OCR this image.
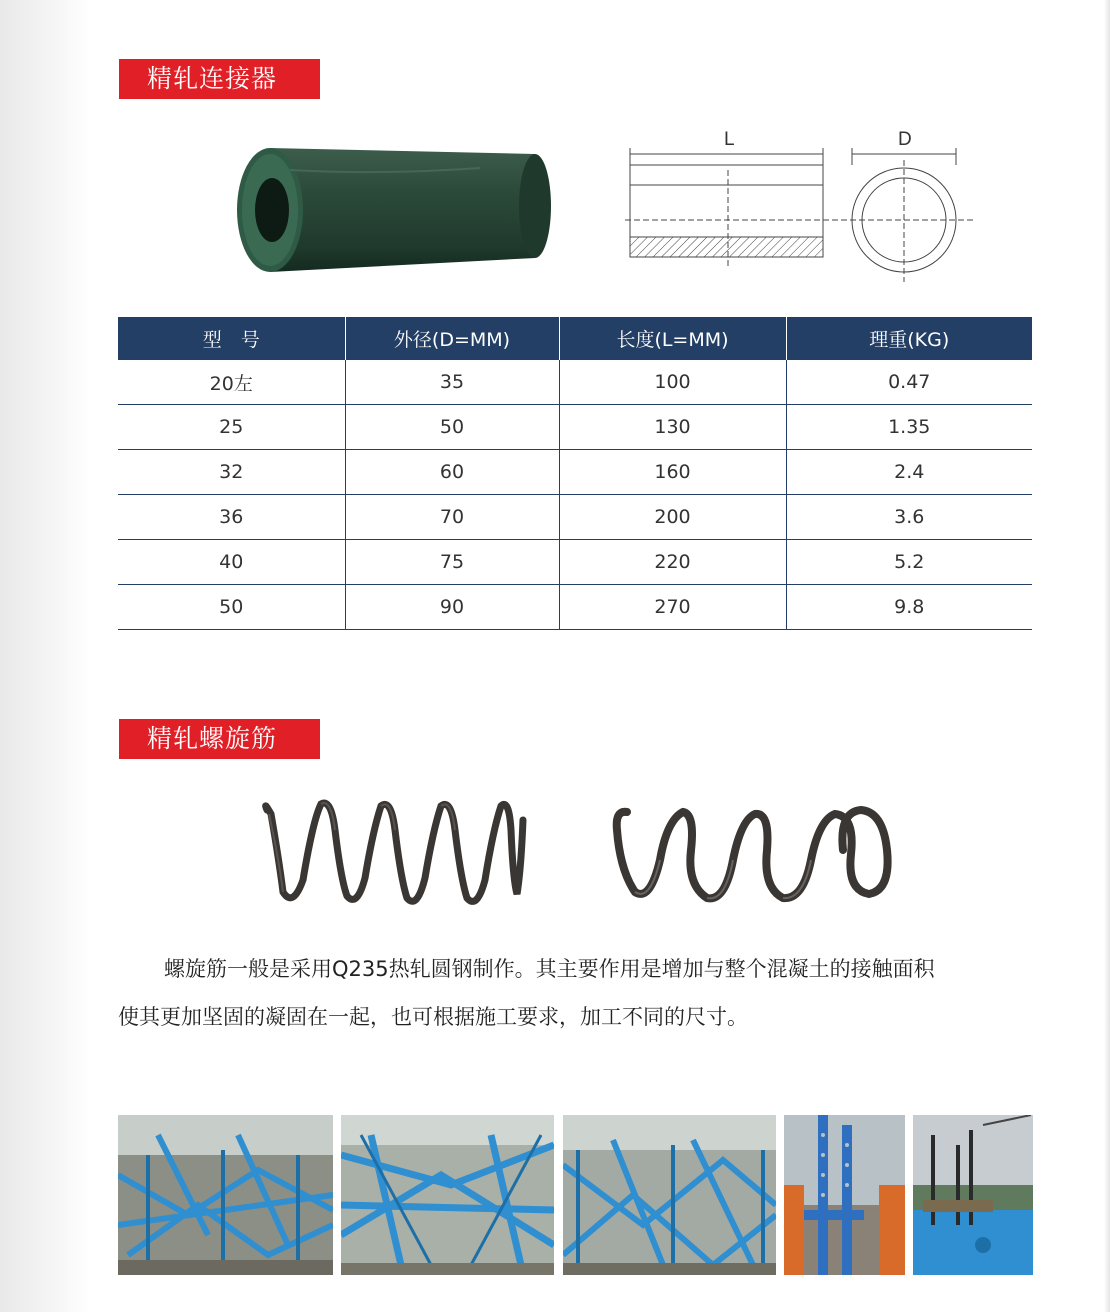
精轧连接器
L	D
型　号	外径(D=MM)	长度(L=MM)	理重(KG)
20左	35	100	0.47
25	50	130	1.35
32	60	160	2.4
36	70	200	3.6
40	75	220	5.2
50	90	270	9.8
精轧螺旋筋

螺旋筋一般是采用Q235热轧圆钢制作。其主要作用是增加与整个混凝土的接触面积

使其更加坚固的凝固在一起，也可根据施工要求，加工不同的尺寸。
